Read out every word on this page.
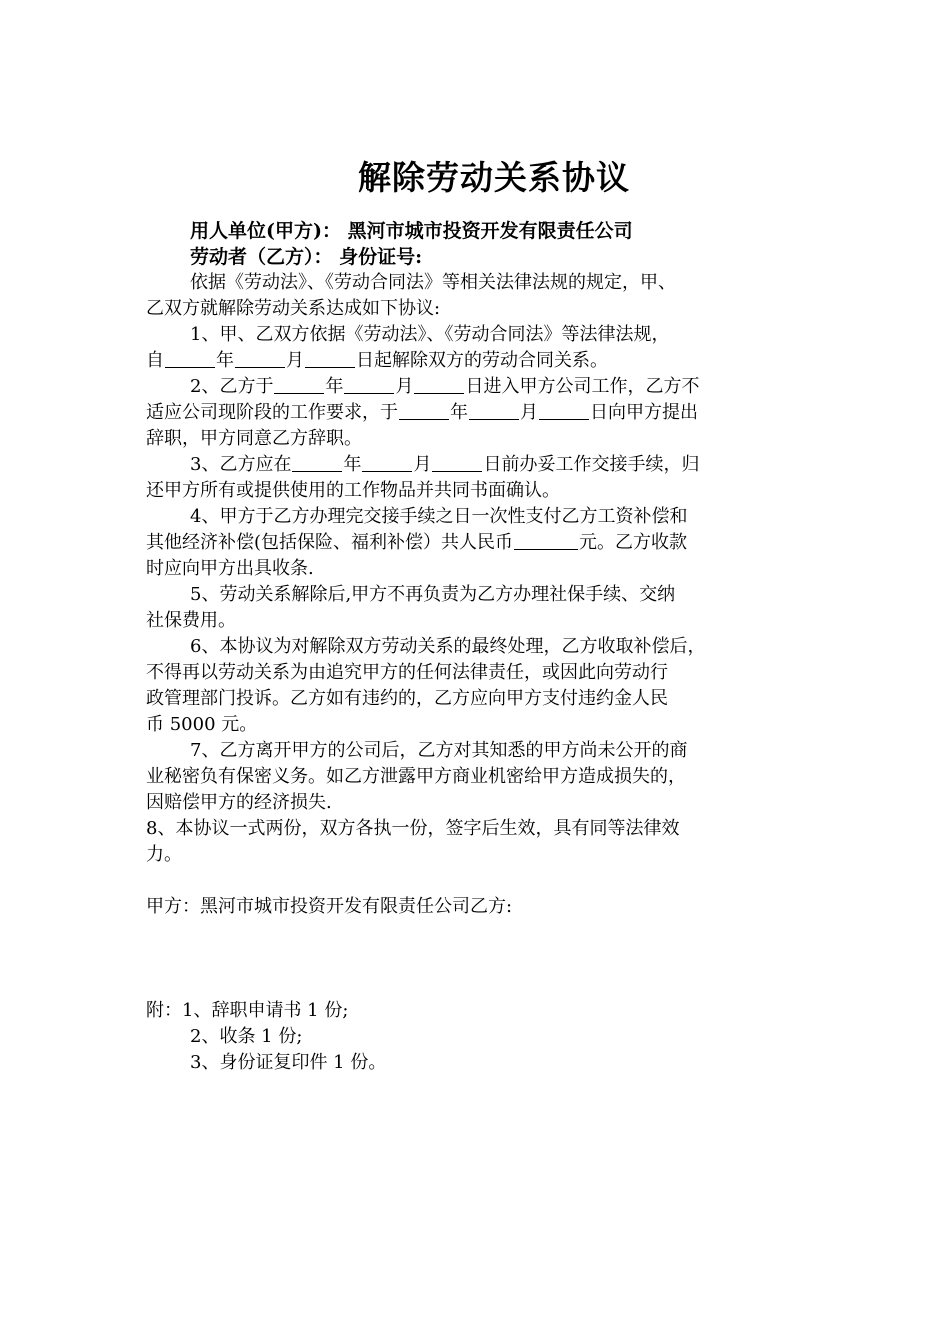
解除劳动关系协议
用人单位(甲方)： 黑河市城市投资开发有限责任公司
劳动者（乙方）： 身份证号:
依据《劳动法》、《劳动合同法》等相关法律法规的规定，甲、
乙双方就解除劳动关系达成如下协议:
1、甲、乙双方依据《劳动法》、《劳动合同法》等法律法规，
自	年	月	日起解除双方的劳动合同关系。
2、乙方于	年	月	日进入甲方公司工作，乙方不
适应公司现阶段的工作要求，于	年	月	日向甲方提出
辞职，甲方同意乙方辞职。
3、乙方应在	年	月	日前办妥工作交接手续，归
还甲方所有或提供使用的工作物品并共同书面确认。
4、甲方于乙方办理完交接手续之日一次性支付乙方工资补偿和
其他经济补偿(包括保险、福利补偿）共人民币	元。乙方收款
时应向甲方出具收条.
5、劳动关系解除后,甲方不再负责为乙方办理社保手续、交纳
社保费用。
6、本协议为对解除双方劳动关系的最终处理，乙方收取补偿后，
不得再以劳动关系为由追究甲方的任何法律责任，或因此向劳动行
政管理部门投诉。乙方如有违约的，乙方应向甲方支付违约金人民
币 5000 元。
7、乙方离开甲方的公司后，乙方对其知悉的甲方尚未公开的商
业秘密负有保密义务。如乙方泄露甲方商业机密给甲方造成损失的，
因赔偿甲方的经济损失.
8、本协议一式两份，双方各执一份，签字后生效，具有同等法律效
力。
甲方：黑河市城市投资开发有限责任公司乙方:
附：1、辞职申请书 1 份;
2、收条 1 份;
3、身份证复印件 1 份。
